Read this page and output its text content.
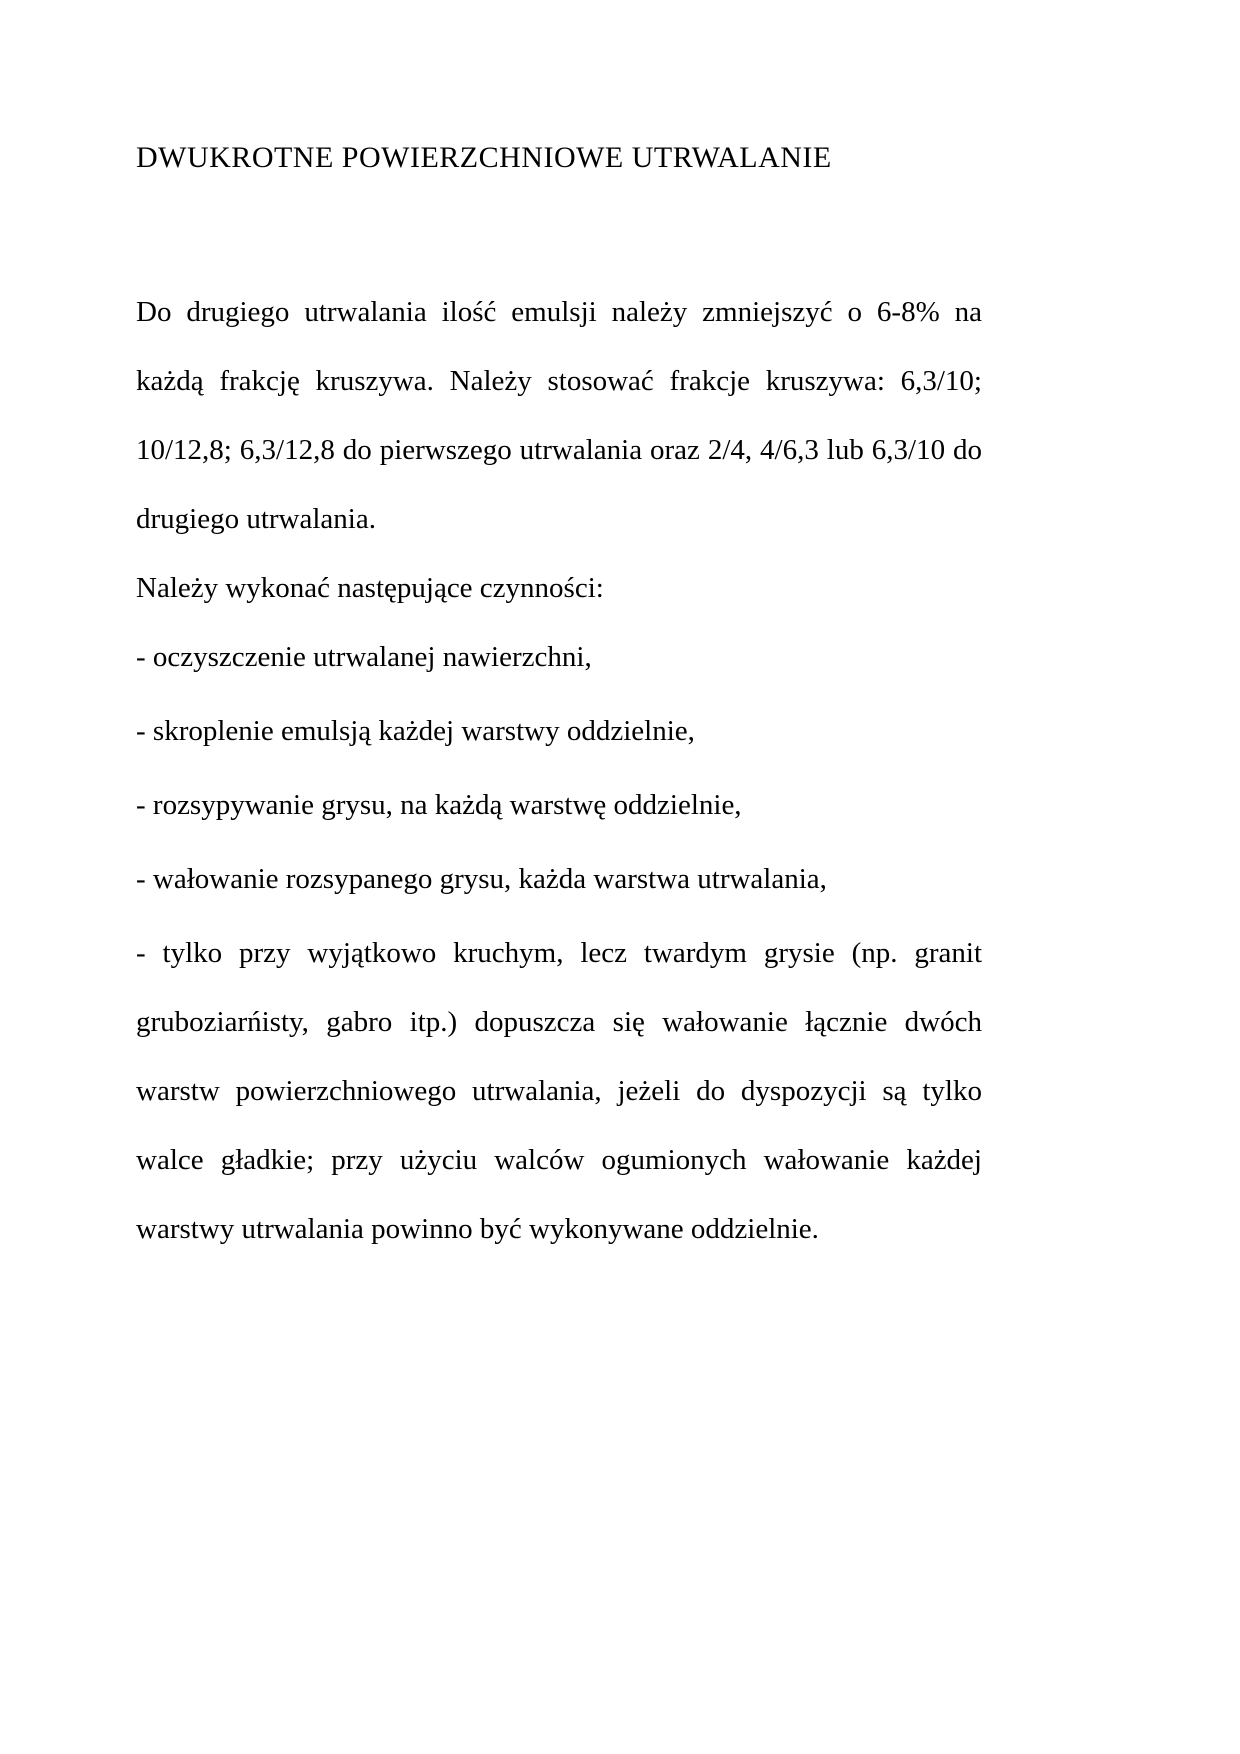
DWUKROTNE POWIERZCHNIOWE UTRWALANIE

Do drugiego utrwalania ilość emulsji należy zmniejszyć o 6-8% na każdą frakcję kruszywa. Należy stosować frakcje kruszywa: 6,3/10; 10/12,8; 6,3/12,8 do pierwszego utrwalania oraz 2/4, 4/6,3 lub 6,3/10 do drugiego utrwalania.

Należy wykonać następujące czynności:

- oczyszczenie utrwalanej nawierzchni,

- skroplenie emulsją każdej warstwy oddzielnie,

- rozsypywanie grysu, na każdą warstwę oddzielnie,

- wałowanie rozsypanego grysu, każda warstwa utrwalania,

- tylko przy wyjątkowo kruchym, lecz twardym grysie (np. granit gruboziarńisty, gabro itp.) dopuszcza się wałowanie łącznie dwóch warstw powierzchniowego utrwalania, jeżeli do dyspozycji są tylko walce gładkie; przy użyciu walców ogumionych wałowanie każdej warstwy utrwalania powinno być wykonywane oddzielnie.
